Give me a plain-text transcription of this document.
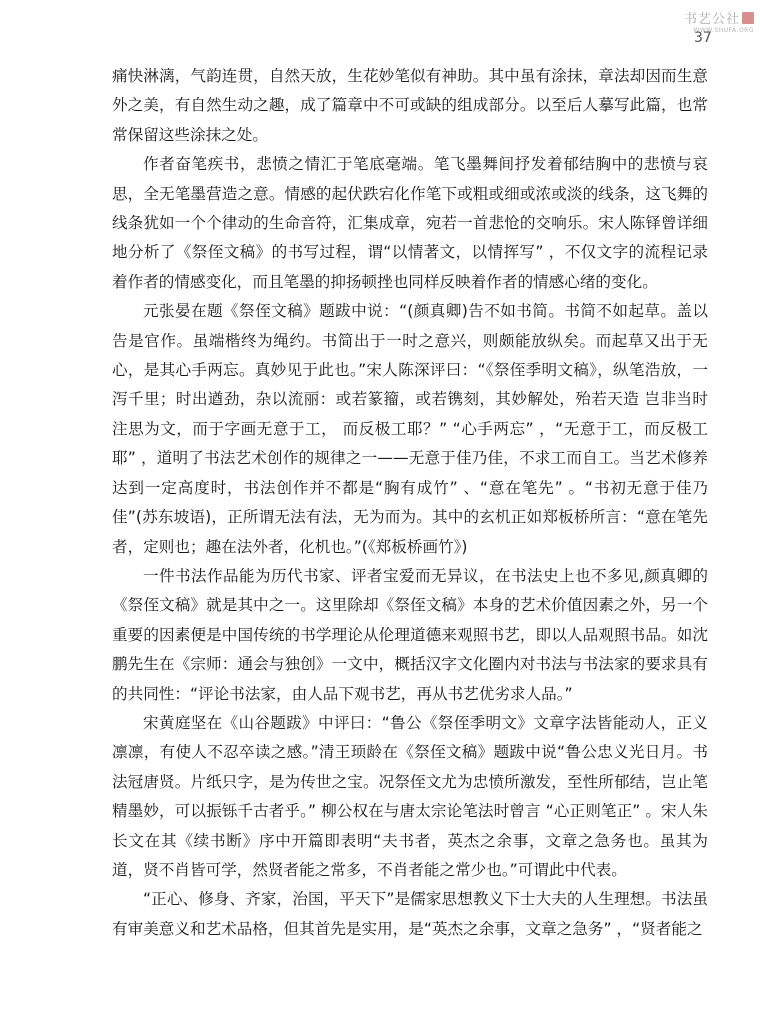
书艺公社
WWW.SHUFA.ORG
37

痛快淋漓，气韵连贯，自然天放，生花妙笔似有神助。其中虽有涂抹，章法却因而生意外之美，有自然生动之趣，成了篇章中不可或缺的组成部分。以至后人摹写此篇，也常常保留这些涂抹之处。

作者奋笔疾书，悲愤之情汇于笔底毫端。笔飞墨舞间抒发着郁结胸中的悲愤与哀思，全无笔墨营造之意。情感的起伏跌宕化作笔下或粗或细或浓或淡的线条，这飞舞的线条犹如一个个律动的生命音符，汇集成章，宛若一首悲怆的交响乐。宋人陈铎曾详细地分析了《祭侄文稿》的书写过程，谓“以情著文，以情挥写” ，不仅文字的流程记录着作者的情感变化，而且笔墨的抑扬顿挫也同样反映着作者的情感心绪的变化。

元张晏在题《祭侄文稿》题跋中说：“(颜真卿)告不如书简。书简不如起草。盖以告是官作。虽端楷终为绳约。书简出于一时之意兴，则颇能放纵矣。而起草又出于无心，是其心手两忘。真妙见于此也。”宋人陈深评曰：“《祭侄季明文稿》，纵笔浩放，一泻千里；时出遒劲，杂以流丽：或若篆籀，或若镌刻，其妙解处，殆若天造 岂非当时注思为文，而于字画无意于工， 而反极工耶？” “心手两忘” ，“无意于工，而反极工耶” ，道明了书法艺术创作的规律之一——无意于佳乃佳，不求工而自工。当艺术修养达到一定高度时，书法创作并不都是“胸有成竹” 、“意在笔先” 。“书初无意于佳乃佳”(苏东坡语)，正所谓无法有法，无为而为。其中的玄机正如郑板桥所言：“意在笔先者，定则也；趣在法外者，化机也。”(《郑板桥画竹》)

一件书法作品能为历代书家、评者宝爱而无异议，在书法史上也不多见,颜真卿的《祭侄文稿》就是其中之一。这里除却《祭侄文稿》本身的艺术价值因素之外，另一个重要的因素便是中国传统的书学理论从伦理道德来观照书艺，即以人品观照书品。如沈鹏先生在《宗师：通会与独创》一文中，概括汉字文化圈内对书法与书法家的要求具有的共同性：“评论书法家，由人品下观书艺，再从书艺优劣求人品。”

宋黄庭坚在《山谷题跋》中评曰：“鲁公《祭侄季明文》文章字法皆能动人，正义凛凛，有使人不忍卒读之感。”清王顼龄在《祭侄文稿》题跋中说“鲁公忠义光日月。书法冠唐贤。片纸只字，是为传世之宝。况祭侄文尤为忠愤所激发，至性所郁结，岂止笔精墨妙，可以振铄千古者乎。” 柳公权在与唐太宗论笔法时曾言 “心正则笔正” 。宋人朱长文在其《续书断》序中开篇即表明“夫书者，英杰之余事，文章之急务也。虽其为道，贤不肖皆可学，然贤者能之常多，不肖者能之常少也。”可谓此中代表。

“正心、修身、齐家，治国，平天下”是儒家思想教义下士大夫的人生理想。书法虽有审美意义和艺术品格，但其首先是实用，是“英杰之余事，文章之急务” ，“贤者能之
